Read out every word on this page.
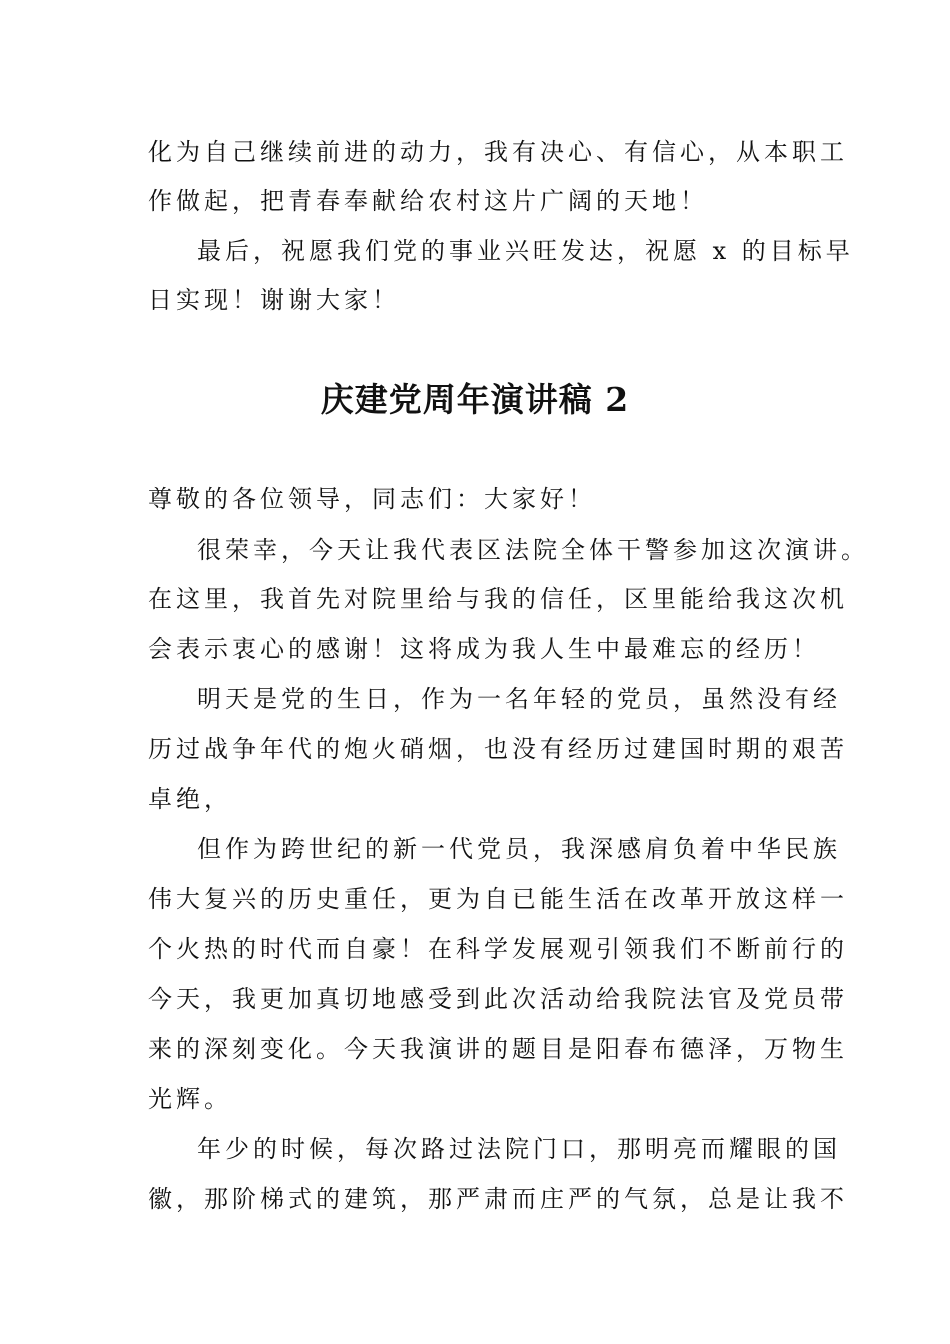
化为自己继续前进的动力，我有决心、有信心，从本职工
作做起，把青春奉献给农村这片广阔的天地！
最后，祝愿我们党的事业兴旺发达，祝愿 x 的目标早
日实现！谢谢大家！
庆建党周年演讲稿 2
尊敬的各位领导，同志们：大家好！
很荣幸，今天让我代表区法院全体干警参加这次演讲。
在这里，我首先对院里给与我的信任，区里能给我这次机
会表示衷心的感谢！这将成为我人生中最难忘的经历！
明天是党的生日，作为一名年轻的党员，虽然没有经
历过战争年代的炮火硝烟，也没有经历过建国时期的艰苦
卓绝，
但作为跨世纪的新一代党员，我深感肩负着中华民族
伟大复兴的历史重任，更为自已能生活在改革开放这样一
个火热的时代而自豪！在科学发展观引领我们不断前行的
今天，我更加真切地感受到此次活动给我院法官及党员带
来的深刻变化。今天我演讲的题目是阳春布德泽，万物生
光辉。
年少的时候，每次路过法院门口，那明亮而耀眼的国
徽，那阶梯式的建筑，那严肃而庄严的气氛，总是让我不
